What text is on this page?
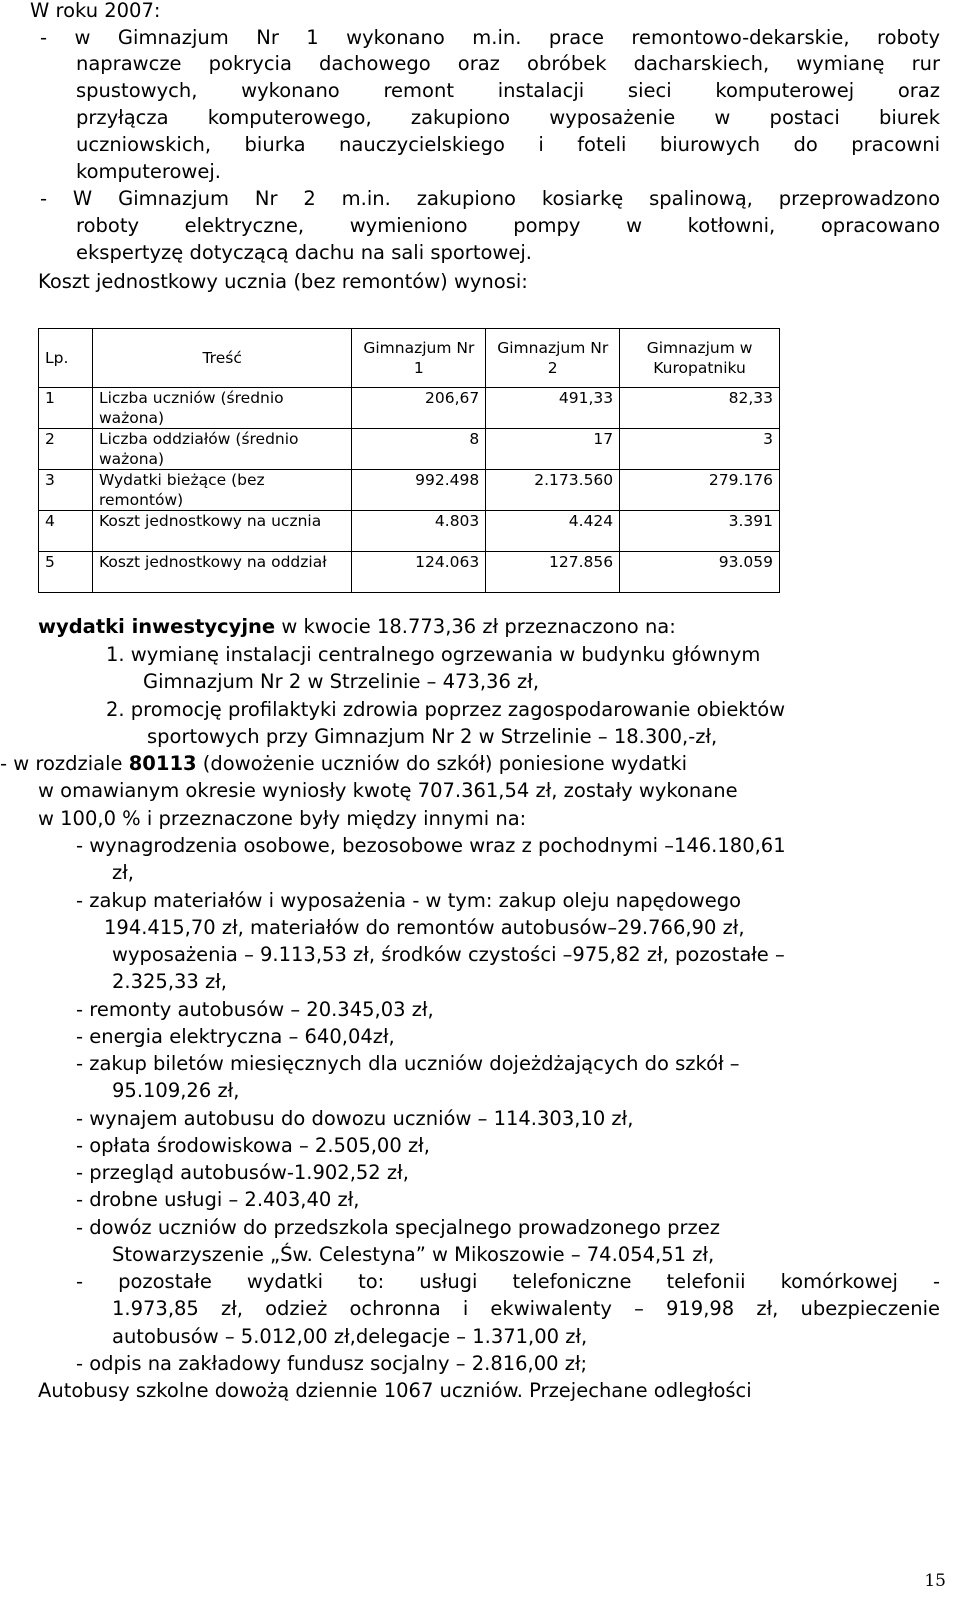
W roku 2007:
- w Gimnazjum Nr 1 wykonano m.in. prace remontowo-dekarskie, roboty
naprawcze pokrycia dachowego oraz obróbek dacharskiech, wymianę rur
spustowych, wykonano remont instalacji sieci komputerowej oraz
przyłącza komputerowego, zakupiono wyposażenie w postaci biurek
uczniowskich, biurka nauczycielskiego i foteli biurowych do pracowni
komputerowej.
- W Gimnazjum Nr 2 m.in. zakupiono kosiarkę spalinową, przeprowadzono
roboty elektryczne, wymieniono pompy w kotłowni, opracowano
ekspertyzę dotyczącą dachu na sali sportowej.
Koszt jednostkowy ucznia (bez remontów) wynosi:
Lp.	Treść	Gimnazjum Nr 1	Gimnazjum Nr 2	Gimnazjum w Kuropatniku
1	Liczba uczniów (średnio ważona)	206,67	491,33	82,33
2	Liczba oddziałów (średnio ważona)	8	17	3
3	Wydatki bieżące (bez remontów)	992.498	2.173.560	279.176
4	Koszt jednostkowy na ucznia	4.803	4.424	3.391
5	Koszt jednostkowy na oddział	124.063	127.856	93.059
wydatki inwestycyjne w kwocie 18.773,36 zł przeznaczono na:
1. wymianę instalacji centralnego ogrzewania w budynku głównym
Gimnazjum Nr 2 w Strzelinie – 473,36 zł,
2. promocję profilaktyki zdrowia poprzez zagospodarowanie obiektów
sportowych przy Gimnazjum Nr 2 w Strzelinie – 18.300,-zł,
- w rozdziale 80113 (dowożenie uczniów do szkół) poniesione wydatki
w omawianym okresie wyniosły kwotę 707.361,54 zł, zostały wykonane
w 100,0 % i przeznaczone były między innymi na:
- wynagrodzenia osobowe, bezosobowe wraz z pochodnymi –146.180,61
zł,
- zakup materiałów i wyposażenia - w tym: zakup oleju napędowego
194.415,70 zł, materiałów do remontów autobusów–29.766,90 zł,
wyposażenia – 9.113,53 zł, środków czystości –975,82 zł, pozostałe –
2.325,33 zł,
- remonty autobusów – 20.345,03 zł,
- energia elektryczna – 640,04zł,
- zakup biletów miesięcznych dla uczniów dojeżdżających do szkół –
95.109,26 zł,
- wynajem autobusu do dowozu uczniów – 114.303,10 zł,
- opłata środowiskowa – 2.505,00 zł,
- przegląd autobusów-1.902,52 zł,
- drobne usługi – 2.403,40 zł,
- dowóz uczniów do przedszkola specjalnego prowadzonego przez
Stowarzyszenie „Św. Celestyna” w Mikoszowie – 74.054,51 zł,
- pozostałe wydatki to: usługi telefoniczne telefonii komórkowej -
1.973,85 zł, odzież ochronna i ekwiwalenty – 919,98 zł, ubezpieczenie
autobusów – 5.012,00 zł,delegacje – 1.371,00 zł,
- odpis na zakładowy fundusz socjalny – 2.816,00 zł;
Autobusy szkolne dowożą dziennie 1067 uczniów. Przejechane odległości
15
